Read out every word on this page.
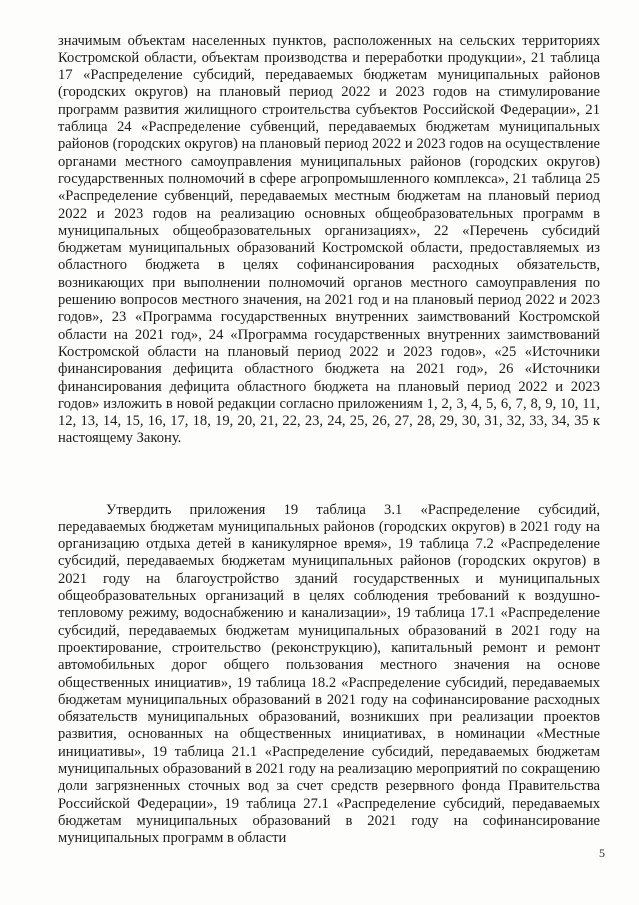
значимым объектам населенных пунктов, расположенных на сельских территориях Костромской области, объектам производства и переработки продукции», 21 таблица 17 «Распределение субсидий, передаваемых бюджетам муниципальных районов (городских округов) на плановый период 2022 и 2023 годов на стимулирование программ развития жилищного строительства субъектов Российской Федерации», 21 таблица 24 «Распределение субвенций, передаваемых бюджетам муниципальных районов (городских округов) на плановый период 2022 и 2023 годов на осуществление органами местного самоуправления муниципальных районов (городских округов) государственных полномочий в сфере агропромышленного комплекса», 21 таблица 25 «Распределение субвенций, передаваемых местным бюджетам на плановый период 2022 и 2023 годов на реализацию основных общеобразовательных программ в муниципальных общеобразовательных организациях», 22 «Перечень субсидий бюджетам муниципальных образований Костромской области, предоставляемых из областного бюджета в целях софинансирования расходных обязательств, возникающих при выполнении полномочий органов местного самоуправления по решению вопросов местного значения, на 2021 год и на плановый период 2022 и 2023 годов», 23 «Программа государственных внутренних заимствований Костромской области на 2021 год», 24 «Программа государственных внутренних заимствований Костромской области на плановый период 2022 и 2023 годов», «25 «Источники финансирования дефицита областного бюджета на 2021 год», 26 «Источники финансирования дефицита областного бюджета на плановый период 2022 и 2023 годов» изложить в новой редакции согласно приложениям 1, 2, 3, 4, 5, 6, 7, 8, 9, 10, 11, 12, 13, 14, 15, 16, 17, 18, 19, 20, 21, 22, 23, 24, 25, 26, 27, 28, 29, 30, 31, 32, 33, 34, 35 к настоящему Закону.

Утвердить приложения 19 таблица 3.1 «Распределение субсидий, передаваемых бюджетам муниципальных районов (городских округов) в 2021 году на организацию отдыха детей в каникулярное время», 19 таблица 7.2 «Распределение субсидий, передаваемых бюджетам муниципальных районов (городских округов) в 2021 году на благоустройство зданий государственных и муниципальных общеобразовательных организаций в целях соблюдения требований к воздушно-тепловому режиму, водоснабжению и канализации», 19 таблица 17.1 «Распределение субсидий, передаваемых бюджетам муниципальных образований в 2021 году на проектирование, строительство (реконструкцию), капитальный ремонт и ремонт автомобильных дорог общего пользования местного значения на основе общественных инициатив», 19 таблица 18.2 «Распределение субсидий, передаваемых бюджетам муниципальных образований в 2021 году на софинансирование расходных обязательств муниципальных образований, возникших при реализации проектов развития, основанных на общественных инициативах, в номинации «Местные инициативы», 19 таблица 21.1 «Распределение субсидий, передаваемых бюджетам муниципальных образований в 2021 году на реализацию мероприятий по сокращению доли загрязненных сточных вод за счет средств резервного фонда Правительства Российской Федерации», 19 таблица 27.1 «Распределение субсидий, передаваемых бюджетам муниципальных образований в 2021 году на софинансирование муниципальных программ в области

5
